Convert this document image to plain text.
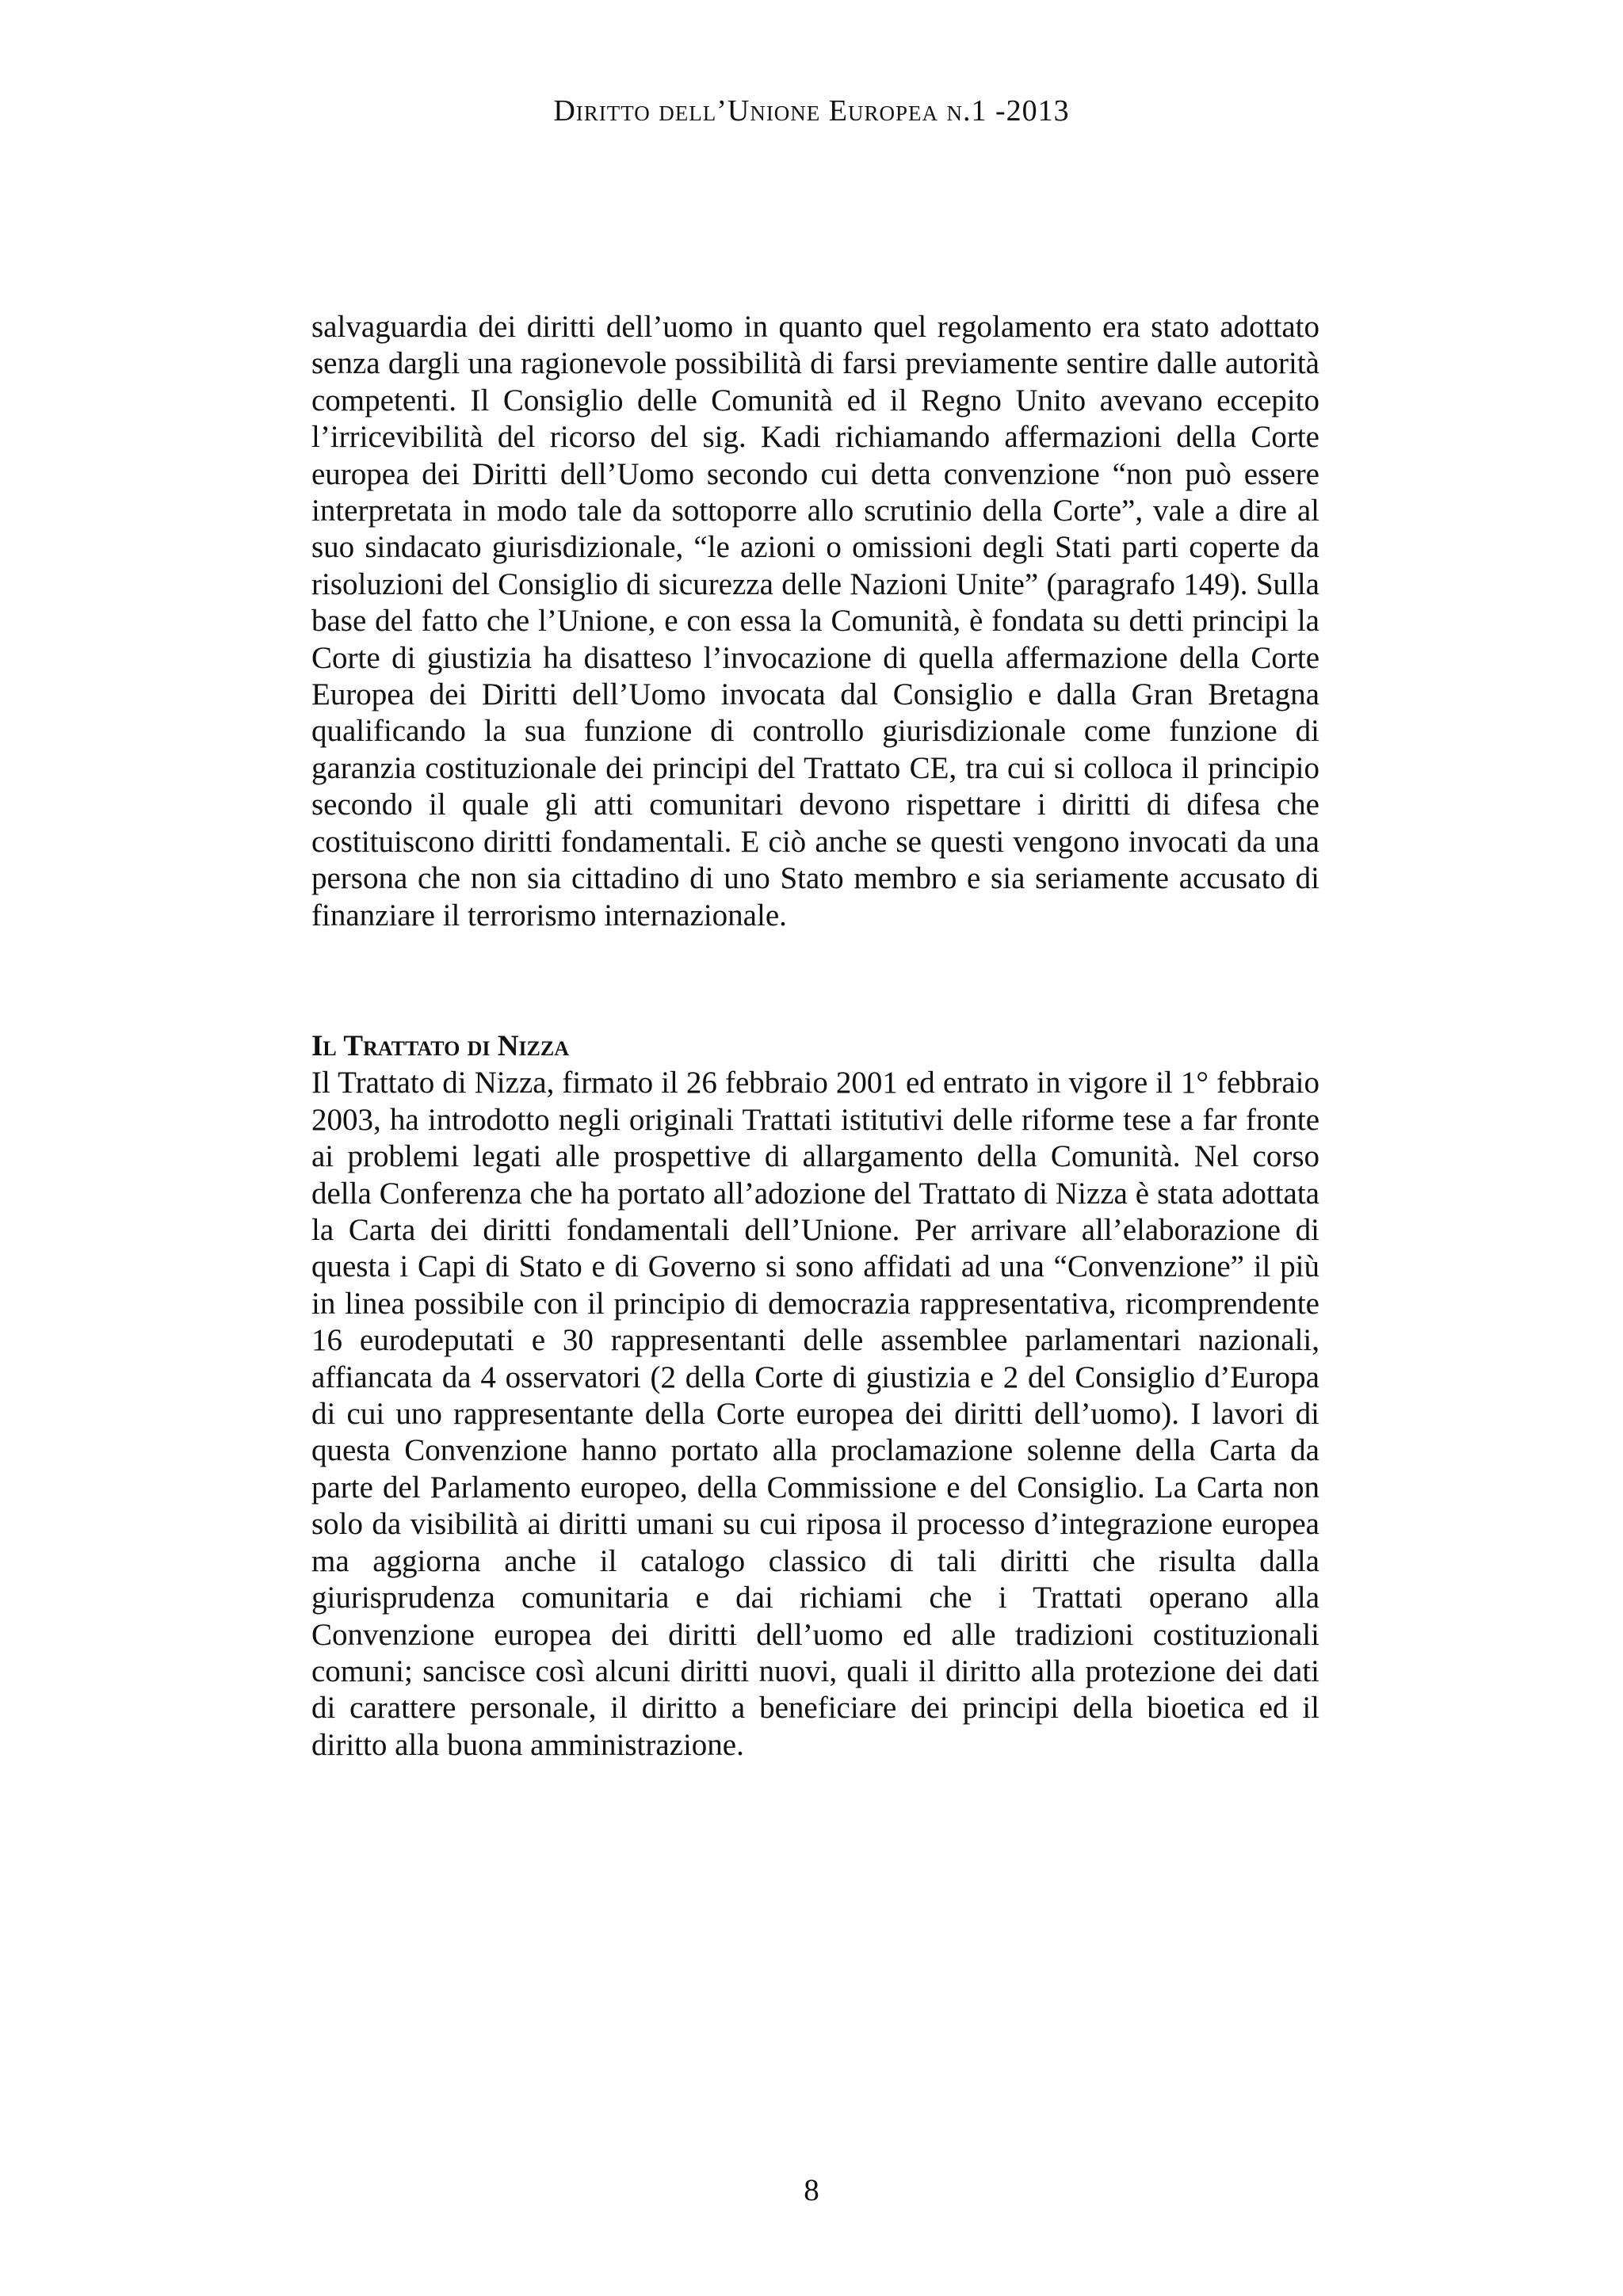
Diritto dell’Unione Europea n.1 -2013

salvaguardia dei diritti dell’uomo in quanto quel regolamento era stato adottato senza dargli una ragionevole possibilità di farsi previamente sentire dalle autorità competenti. Il Consiglio delle Comunità ed il Regno Unito avevano eccepito l’irricevibilità del ricorso del sig. Kadi richiamando affermazioni della Corte europea dei Diritti dell’Uomo secondo cui detta convenzione “non può essere interpretata in modo tale da sottoporre allo scrutinio della Corte”, vale a dire al suo sindacato giurisdizionale, “le azioni o omissioni degli Stati parti coperte da risoluzioni del Consiglio di sicurezza delle Nazioni Unite” (paragrafo 149). Sulla base del fatto che l’Unione, e con essa la Comunità, è fondata su detti principi la Corte di giustizia ha disatteso l’invocazione di quella affermazione della Corte Europea dei Diritti dell’Uomo invocata dal Consiglio e dalla Gran Bretagna qualificando la sua funzione di controllo giurisdizionale come funzione di garanzia costituzionale dei principi del Trattato CE, tra cui si colloca il principio secondo il quale gli atti comunitari devono rispettare i diritti di difesa che costituiscono diritti fondamentali. E ciò anche se questi vengono invocati da una persona che non sia cittadino di uno Stato membro e sia seriamente accusato di finanziare il terrorismo internazionale.

Il Trattato di Nizza

Il Trattato di Nizza, firmato il 26 febbraio 2001 ed entrato in vigore il 1° febbraio 2003, ha introdotto negli originali Trattati istitutivi delle riforme tese a far fronte ai problemi legati alle prospettive di allargamento della Comunità. Nel corso della Conferenza che ha portato all’adozione del Trattato di Nizza è stata adottata la Carta dei diritti fondamentali dell’Unione. Per arrivare all’elaborazione di questa i Capi di Stato e di Governo si sono affidati ad una “Convenzione” il più in linea possibile con il principio di democrazia rappresentativa, ricomprendente 16 eurodeputati e 30 rappresentanti delle assemblee parlamentari nazionali, affiancata da 4 osservatori (2 della Corte di giustizia e 2 del Consiglio d’Europa di cui uno rappresentante della Corte europea dei diritti dell’uomo). I lavori di questa Convenzione hanno portato alla proclamazione solenne della Carta da parte del Parlamento europeo, della Commissione e del Consiglio. La Carta non solo da visibilità ai diritti umani su cui riposa il processo d’integrazione europea ma aggiorna anche il catalogo classico di tali diritti che risulta dalla giurisprudenza comunitaria e dai richiami che i Trattati operano alla Convenzione europea dei diritti dell’uomo ed alle tradizioni costituzionali comuni; sancisce così alcuni diritti nuovi, quali il diritto alla protezione dei dati di carattere personale, il diritto a beneficiare dei principi della bioetica ed il diritto alla buona amministrazione.

8
